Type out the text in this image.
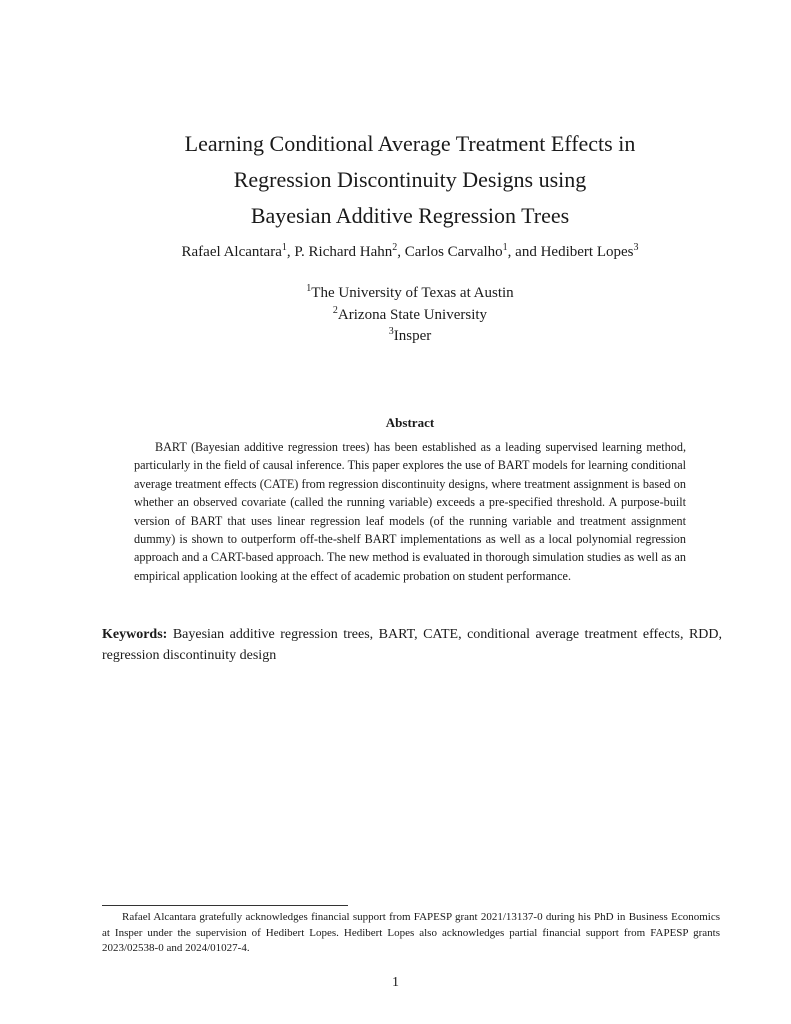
Learning Conditional Average Treatment Effects in
Regression Discontinuity Designs using
Bayesian Additive Regression Trees
Rafael Alcantara$^1$, P. Richard Hahn$^2$, Carlos Carvalho$^1$, and Hedibert Lopes$^3$
$^1$The University of Texas at Austin
$^2$Arizona State University
$^3$Insper
Abstract
BART (Bayesian additive regression trees) has been established as a leading supervised learning method, particularly in the field of causal inference. This paper explores the use of BART models for learning conditional average treatment effects (CATE) from regression discontinuity designs, where treatment assignment is based on whether an observed covariate (called the running variable) exceeds a pre-specified threshold. A purpose-built version of BART that uses linear regression leaf models (of the running variable and treatment assignment dummy) is shown to outperform off-the-shelf BART implementations as well as a local polynomial regression approach and a CART-based approach. The new method is evaluated in thorough simulation studies as well as an empirical application looking at the effect of academic probation on student performance.
Keywords: Bayesian additive regression trees, BART, CATE, conditional average treatment effects, RDD, regression discontinuity design
Rafael Alcantara gratefully acknowledges financial support from FAPESP grant 2021/13137-0 during his PhD in Business Economics at Insper under the supervision of Hedibert Lopes. Hedibert Lopes also acknowledges partial financial support from FAPESP grants 2023/02538-0 and 2024/01027-4.
1
